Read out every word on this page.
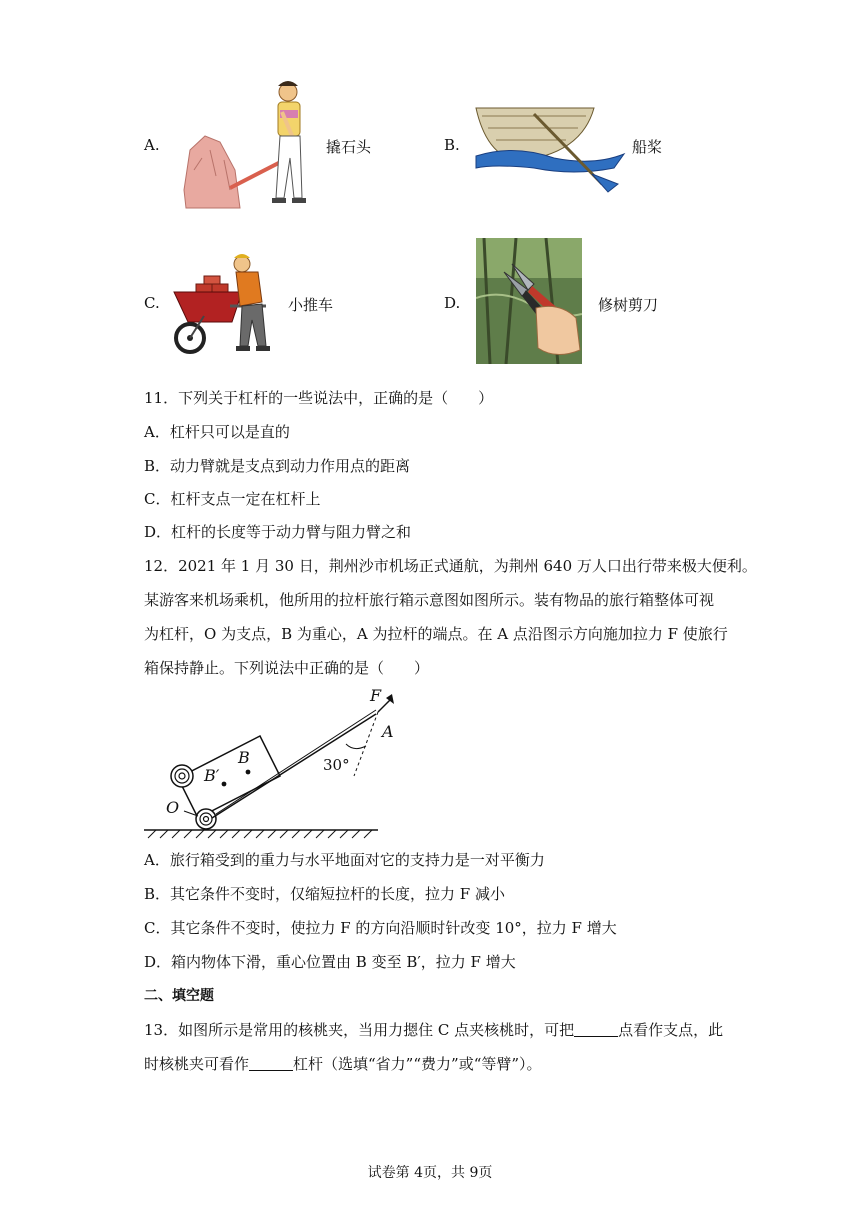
A.	撬石头	B.	船桨
C.	小推车	D.	修树剪刀
11．下列关于杠杆的一些说法中，正确的是（　　）
A．杠杆只可以是直的
B．动力臂就是支点到动力作用点的距离
C．杠杆支点一定在杠杆上
D．杠杆的长度等于动力臂与阻力臂之和
12．2021 年 1 月 30 日，荆州沙市机场正式通航，为荆州 640 万人口出行带来极大便利。
某游客来机场乘机，他所用的拉杆旅行箱示意图如图所示。装有物品的旅行箱整体可视
为杠杆，O 为支点，B 为重心，A 为拉杆的端点。在 A 点沿图示方向施加拉力 F 使旅行
箱保持静止。下列说法中正确的是（　　）
F
A
30°
B
B′
O
A．旅行箱受到的重力与水平地面对它的支持力是一对平衡力
B．其它条件不变时，仅缩短拉杆的长度，拉力 F 减小
C．其它条件不变时，使拉力 F 的方向沿顺时针改变 10°，拉力 F 增大
D．箱内物体下滑，重心位置由 B 变至 B′，拉力 F 增大
二、填空题
13．如图所示是常用的核桃夹，当用力摁住 C 点夹核桃时，可把	点看作支点，此
时核桃夹可看作	杠杆（选填“省力”“费力”或“等臂”）。
试卷第 4页，共 9页
